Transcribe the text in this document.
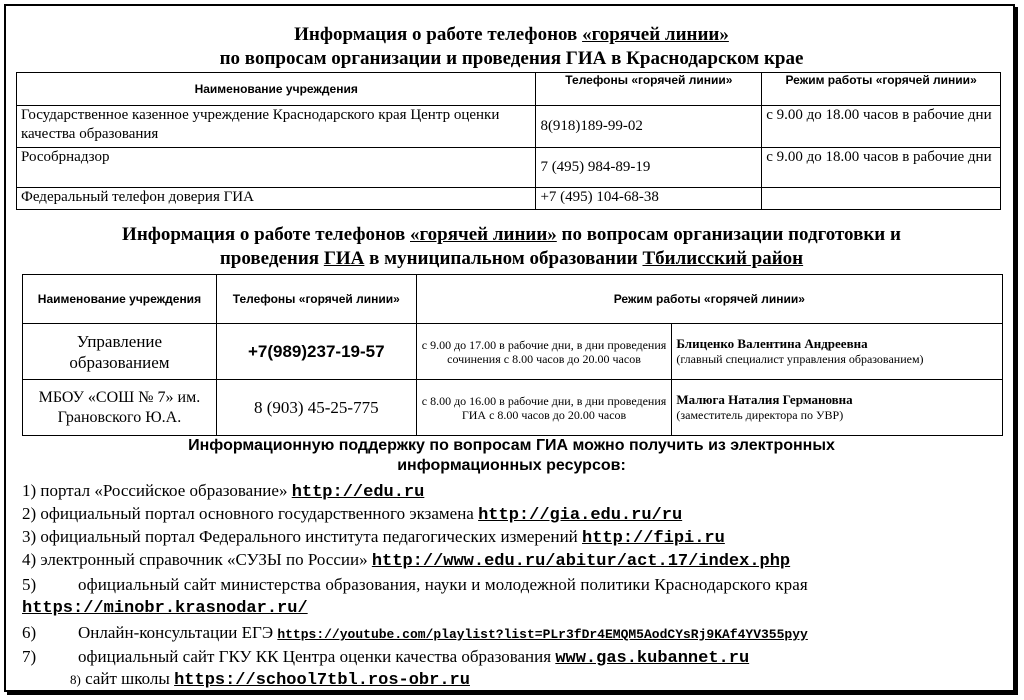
Информация о работе телефонов «горячей линии»
по вопросам организации и проведения ГИА в Краснодарском крае
Наименование учреждения	Телефоны «горячей линии»	Режим работы «горячей линии»
Государственное казенное учреждение Краснодарского края Центр оценки качества образования	8(918)189-99-02	с 9.00 до 18.00 часов в рабочие дни
Рособрнадзор	7 (495) 984-89-19	с 9.00 до 18.00 часов в рабочие дни
Федеральный телефон доверия ГИА	+7 (495) 104-68-38	
Информация о работе телефонов «горячей линии» по вопросам организации подготовки и
проведения ГИА в муниципальном образовании Тбилисский район
Наименование учреждения	Телефоны «горячей линии»	Режим работы «горячей линии»	
Управление образованием	+7(989)237-19-57	с 9.00 до 17.00 в рабочие дни, в дни проведения сочинения с 8.00 часов до 20.00 часов	Блиценко Валентина Андреевна
(главный специалист управления образованием)
МБОУ «СОШ № 7» им. Грановского Ю.А.	8 (903) 45-25-775	с 8.00 до 16.00 в рабочие дни, в дни проведения ГИА с 8.00 часов до 20.00 часов	Малюга Наталия Германовна
(заместитель директора по УВР)
Информационную поддержку по вопросам ГИА можно получить из электронных информационных ресурсов:
1) портал «Российское образование» http://edu.ru
2) официальный портал основного государственного экзамена http://gia.edu.ru/ru
3) официальный портал Федерального института педагогических измерений http://fipi.ru
4) электронный справочник «СУЗЫ по России» http://www.edu.ru/abitur/act.17/index.php
5) официальный сайт министерства образования, науки и молодежной политики Краснодарского края
https://minobr.krasnodar.ru/
6) Онлайн-консультации ЕГЭ https://youtube.com/playlist?list=PLr3fDr4EMQM5AodCYsRj9KAf4YV355pyy
7) официальный сайт ГКУ КК Центра оценки качества образования www.gas.kubannet.ru
8) сайт школы https://school7tbl.ros-obr.ru
